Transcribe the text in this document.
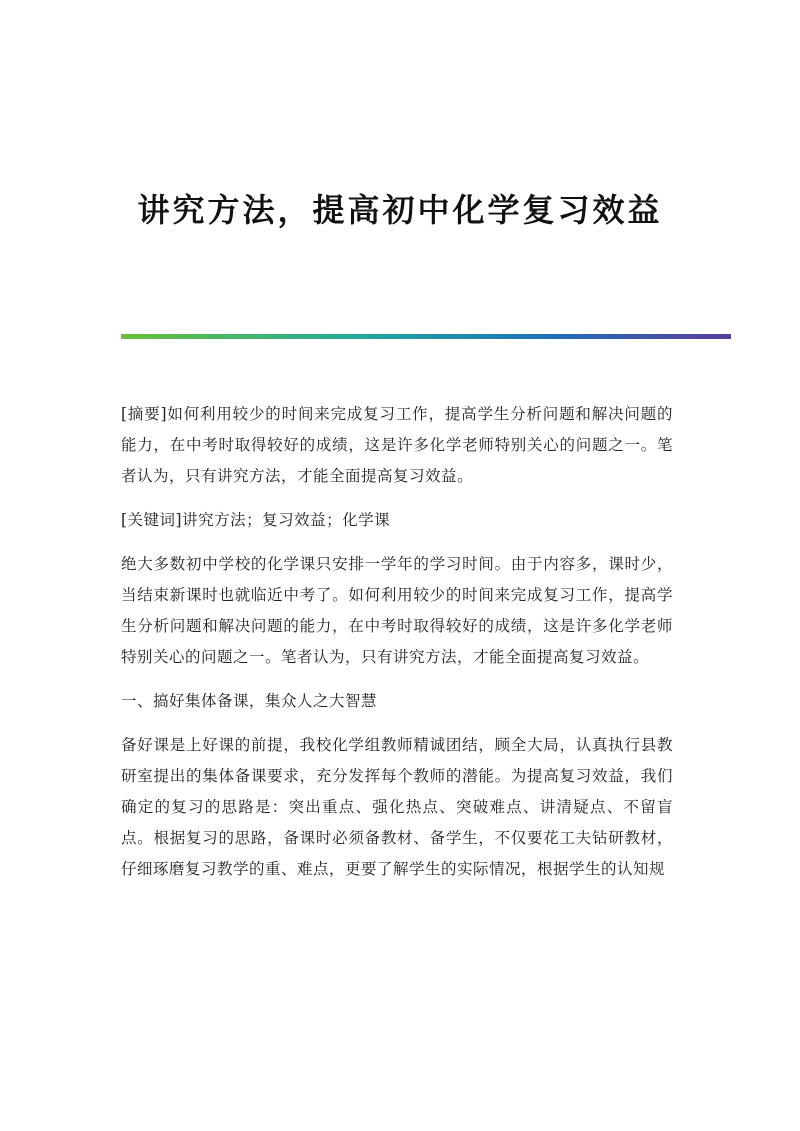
讲究方法，提高初中化学复习效益

[摘要]如何利用较少的时间来完成复习工作，提高学生分析问题和解决问题的能力，在中考时取得较好的成绩，这是许多化学老师特别关心的问题之一。笔者认为，只有讲究方法，才能全面提高复习效益。

[关键词]讲究方法；复习效益；化学课

绝大多数初中学校的化学课只安排一学年的学习时间。由于内容多，课时少，当结束新课时也就临近中考了。如何利用较少的时间来完成复习工作，提高学生分析问题和解决问题的能力，在中考时取得较好的成绩，这是许多化学老师特别关心的问题之一。笔者认为，只有讲究方法，才能全面提高复习效益。

一、搞好集体备课，集众人之大智慧

备好课是上好课的前提，我校化学组教师精诚团结，顾全大局，认真执行县教研室提出的集体备课要求，充分发挥每个教师的潜能。为提高复习效益，我们确定的复习的思路是：突出重点、强化热点、突破难点、讲清疑点、不留盲点。根据复习的思路，备课时必须备教材、备学生，不仅要花工夫钻研教材，仔细琢磨复习教学的重、难点，更要了解学生的实际情况，根据学生的认知规
